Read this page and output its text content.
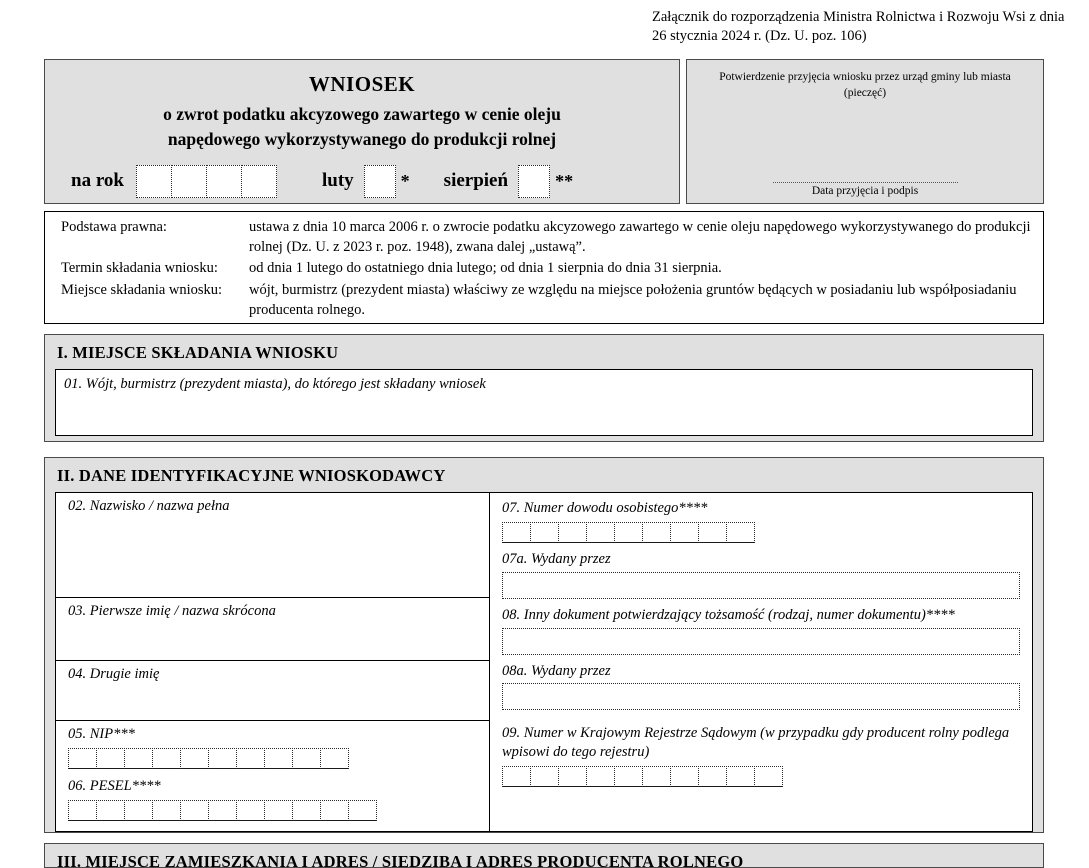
Załącznik do rozporządzenia Ministra Rolnictwa i Rozwoju Wsi z dnia 26 stycznia 2024 r. (Dz. U. poz. 106)
WNIOSEK
o zwrot podatku akcyzowego zawartego w cenie oleju
napędowego wykorzystywanego do produkcji rolnej
na rok	luty	* sierpień	**
Potwierdzenie przyjęcia wniosku przez urząd gminy lub miasta
(pieczęć)
Data przyjęcia i podpis
Podstawa prawna:	ustawa z dnia 10 marca 2006 r. o zwrocie podatku akcyzowego zawartego w cenie oleju napędowego wykorzystywanego do produkcji rolnej (Dz. U. z 2023 r. poz. 1948), zwana dalej „ustawą”.
Termin składania wniosku:	od dnia 1 lutego do ostatniego dnia lutego; od dnia 1 sierpnia do dnia 31 sierpnia.
Miejsce składania wniosku:	wójt, burmistrz (prezydent miasta) właściwy ze względu na miejsce położenia gruntów będących w posiadaniu lub współposiadaniu producenta rolnego.
I. MIEJSCE SKŁADANIA WNIOSKU
01. Wójt, burmistrz (prezydent miasta), do którego jest składany wniosek
II. DANE IDENTYFIKACYJNE WNIOSKODAWCY
02. Nazwisko / nazwa pełna
03. Pierwsze imię / nazwa skrócona
04. Drugie imię
05. NIP***
06. PESEL****
07. Numer dowodu osobistego****
07a. Wydany przez
08. Inny dokument potwierdzający tożsamość (rodzaj, numer dokumentu)****
08a. Wydany przez
09. Numer w Krajowym Rejestrze Sądowym (w przypadku gdy producent rolny podlega wpisowi do tego rejestru)
III. MIEJSCE ZAMIESZKANIA I ADRES / SIEDZIBA I ADRES PRODUCENTA ROLNEGO
